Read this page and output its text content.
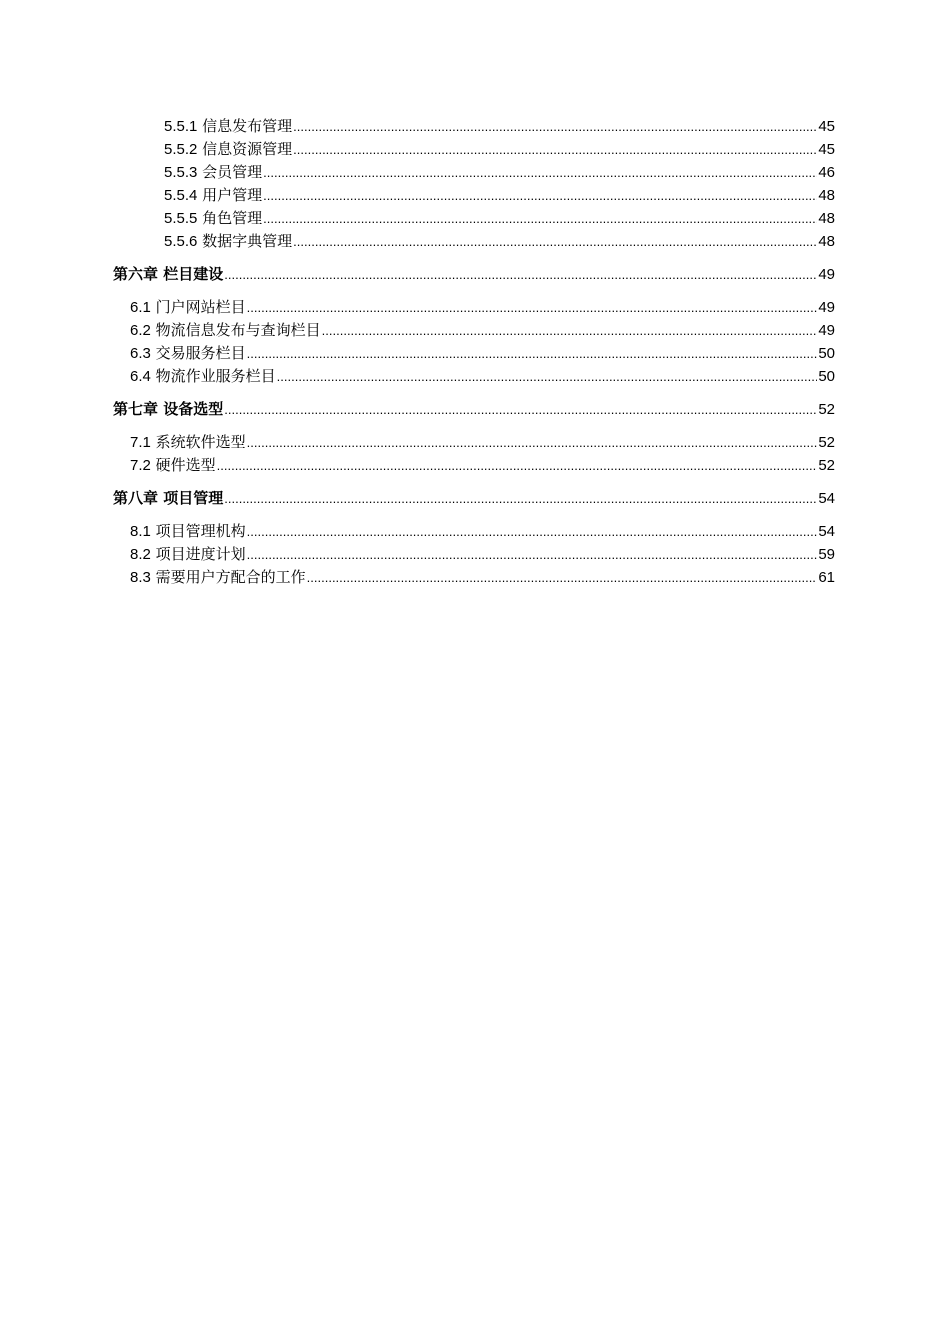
5.5.1 信息发布管理 .....	45
5.5.2 信息资源管理 .....	45
5.5.3 会员管理 .....	46
5.5.4 用户管理 .....	48
5.5.5 角色管理 .....	48
5.5.6 数据字典管理 .....	48
第六章 栏目建设 .....	49
6.1 门户网站栏目 .....	49
6.2 物流信息发布与查询栏目 .....	49
6.3 交易服务栏目 .....	50
6.4 物流作业服务栏目 .....	50
第七章 设备选型 .....	52
7.1 系统软件选型 .....	52
7.2 硬件选型 .....	52
第八章 项目管理 .....	54
8.1 项目管理机构 .....	54
8.2 项目进度计划 .....	59
8.3 需要用户方配合的工作 .....	61
